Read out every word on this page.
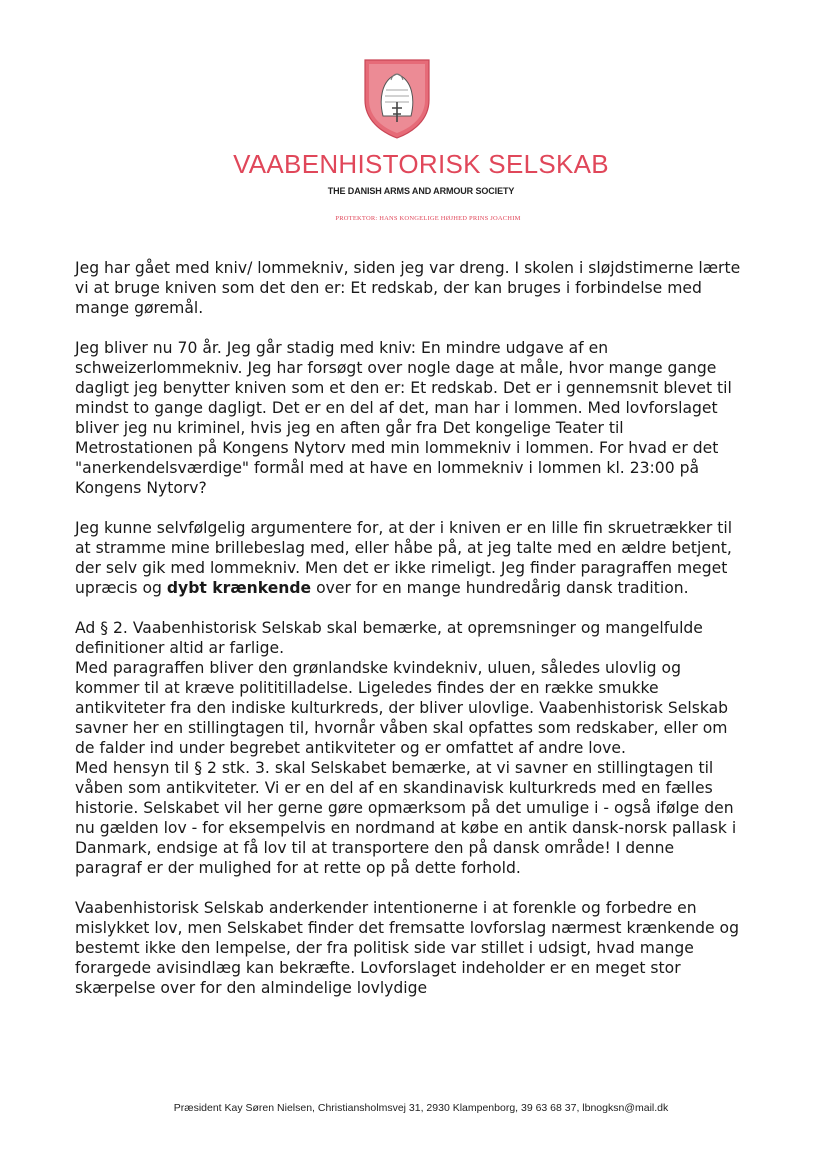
VAABENHISTORISK SELSKAB
THE DANISH ARMS AND ARMOUR SOCIETY
PROTEKTOR: HANS KONGELIGE HØJHED PRINS JOACHIM

Jeg har gået med kniv/ lommekniv, siden jeg var dreng. I skolen i sløjdstimerne lærte vi at bruge kniven som det den er: Et redskab, der kan bruges i forbindelse med mange gøremål.

Jeg bliver nu 70 år. Jeg går stadig med kniv: En mindre udgave af en schweizerlommekniv. Jeg har forsøgt over nogle dage at måle, hvor mange gange dagligt jeg benytter kniven som et den er: Et redskab. Det er i gennemsnit blevet til mindst to gange dagligt. Det er en del af det, man har i lommen. Med lovforslaget bliver jeg nu kriminel, hvis jeg en aften går fra Det kongelige Teater til Metrostationen på Kongens Nytorv med min lommekniv i lommen. For hvad er det "anerkendelsværdige" formål med at have en lommekniv i lommen kl. 23:00 på Kongens Nytorv?

Jeg kunne selvfølgelig argumentere for, at der i kniven er en lille fin skruetrækker til at stramme mine brillebeslag med, eller håbe på, at jeg talte med en ældre betjent, der selv gik med lommekniv. Men det er ikke rimeligt. Jeg finder paragraffen meget upræcis og dybt krænkende over for en mange hundredårig dansk tradition.

Ad § 2. Vaabenhistorisk Selskab skal bemærke, at opremsninger og mangelfulde definitioner altid ar farlige.

Med paragraffen bliver den grønlandske kvindekniv, uluen, således ulovlig og kommer til at kræve polititilladelse. Ligeledes findes der en række smukke antikviteter fra den indiske kulturkreds, der bliver ulovlige. Vaabenhistorisk Selskab savner her en stillingtagen til, hvornår våben skal opfattes som redskaber, eller om de falder ind under begrebet antikviteter og er omfattet af andre love.

Med hensyn til § 2 stk. 3. skal Selskabet bemærke, at vi savner en stillingtagen til våben som antikviteter. Vi er en del af en skandinavisk kulturkreds med en fælles historie. Selskabet vil her gerne gøre opmærksom på det umulige i - også ifølge den nu gælden lov - for eksempelvis en nordmand at købe en antik dansk-norsk pallask i Danmark, endsige at få lov til at transportere den på dansk område! I denne paragraf er der mulighed for at rette op på dette forhold.

Vaabenhistorisk Selskab anderkender intentionerne i at forenkle og forbedre en mislykket lov, men Selskabet finder det fremsatte lovforslag nærmest krænkende og bestemt ikke den lempelse, der fra politisk side var stillet i udsigt, hvad mange forargede avisindlæg kan bekræfte. Lovforslaget indeholder er en meget stor skærpelse over for den almindelige lovlydige

Præsident Kay Søren Nielsen, Christiansholmsvej 31, 2930 Klampenborg, 39 63 68 37, lbnogksn@mail.dk
